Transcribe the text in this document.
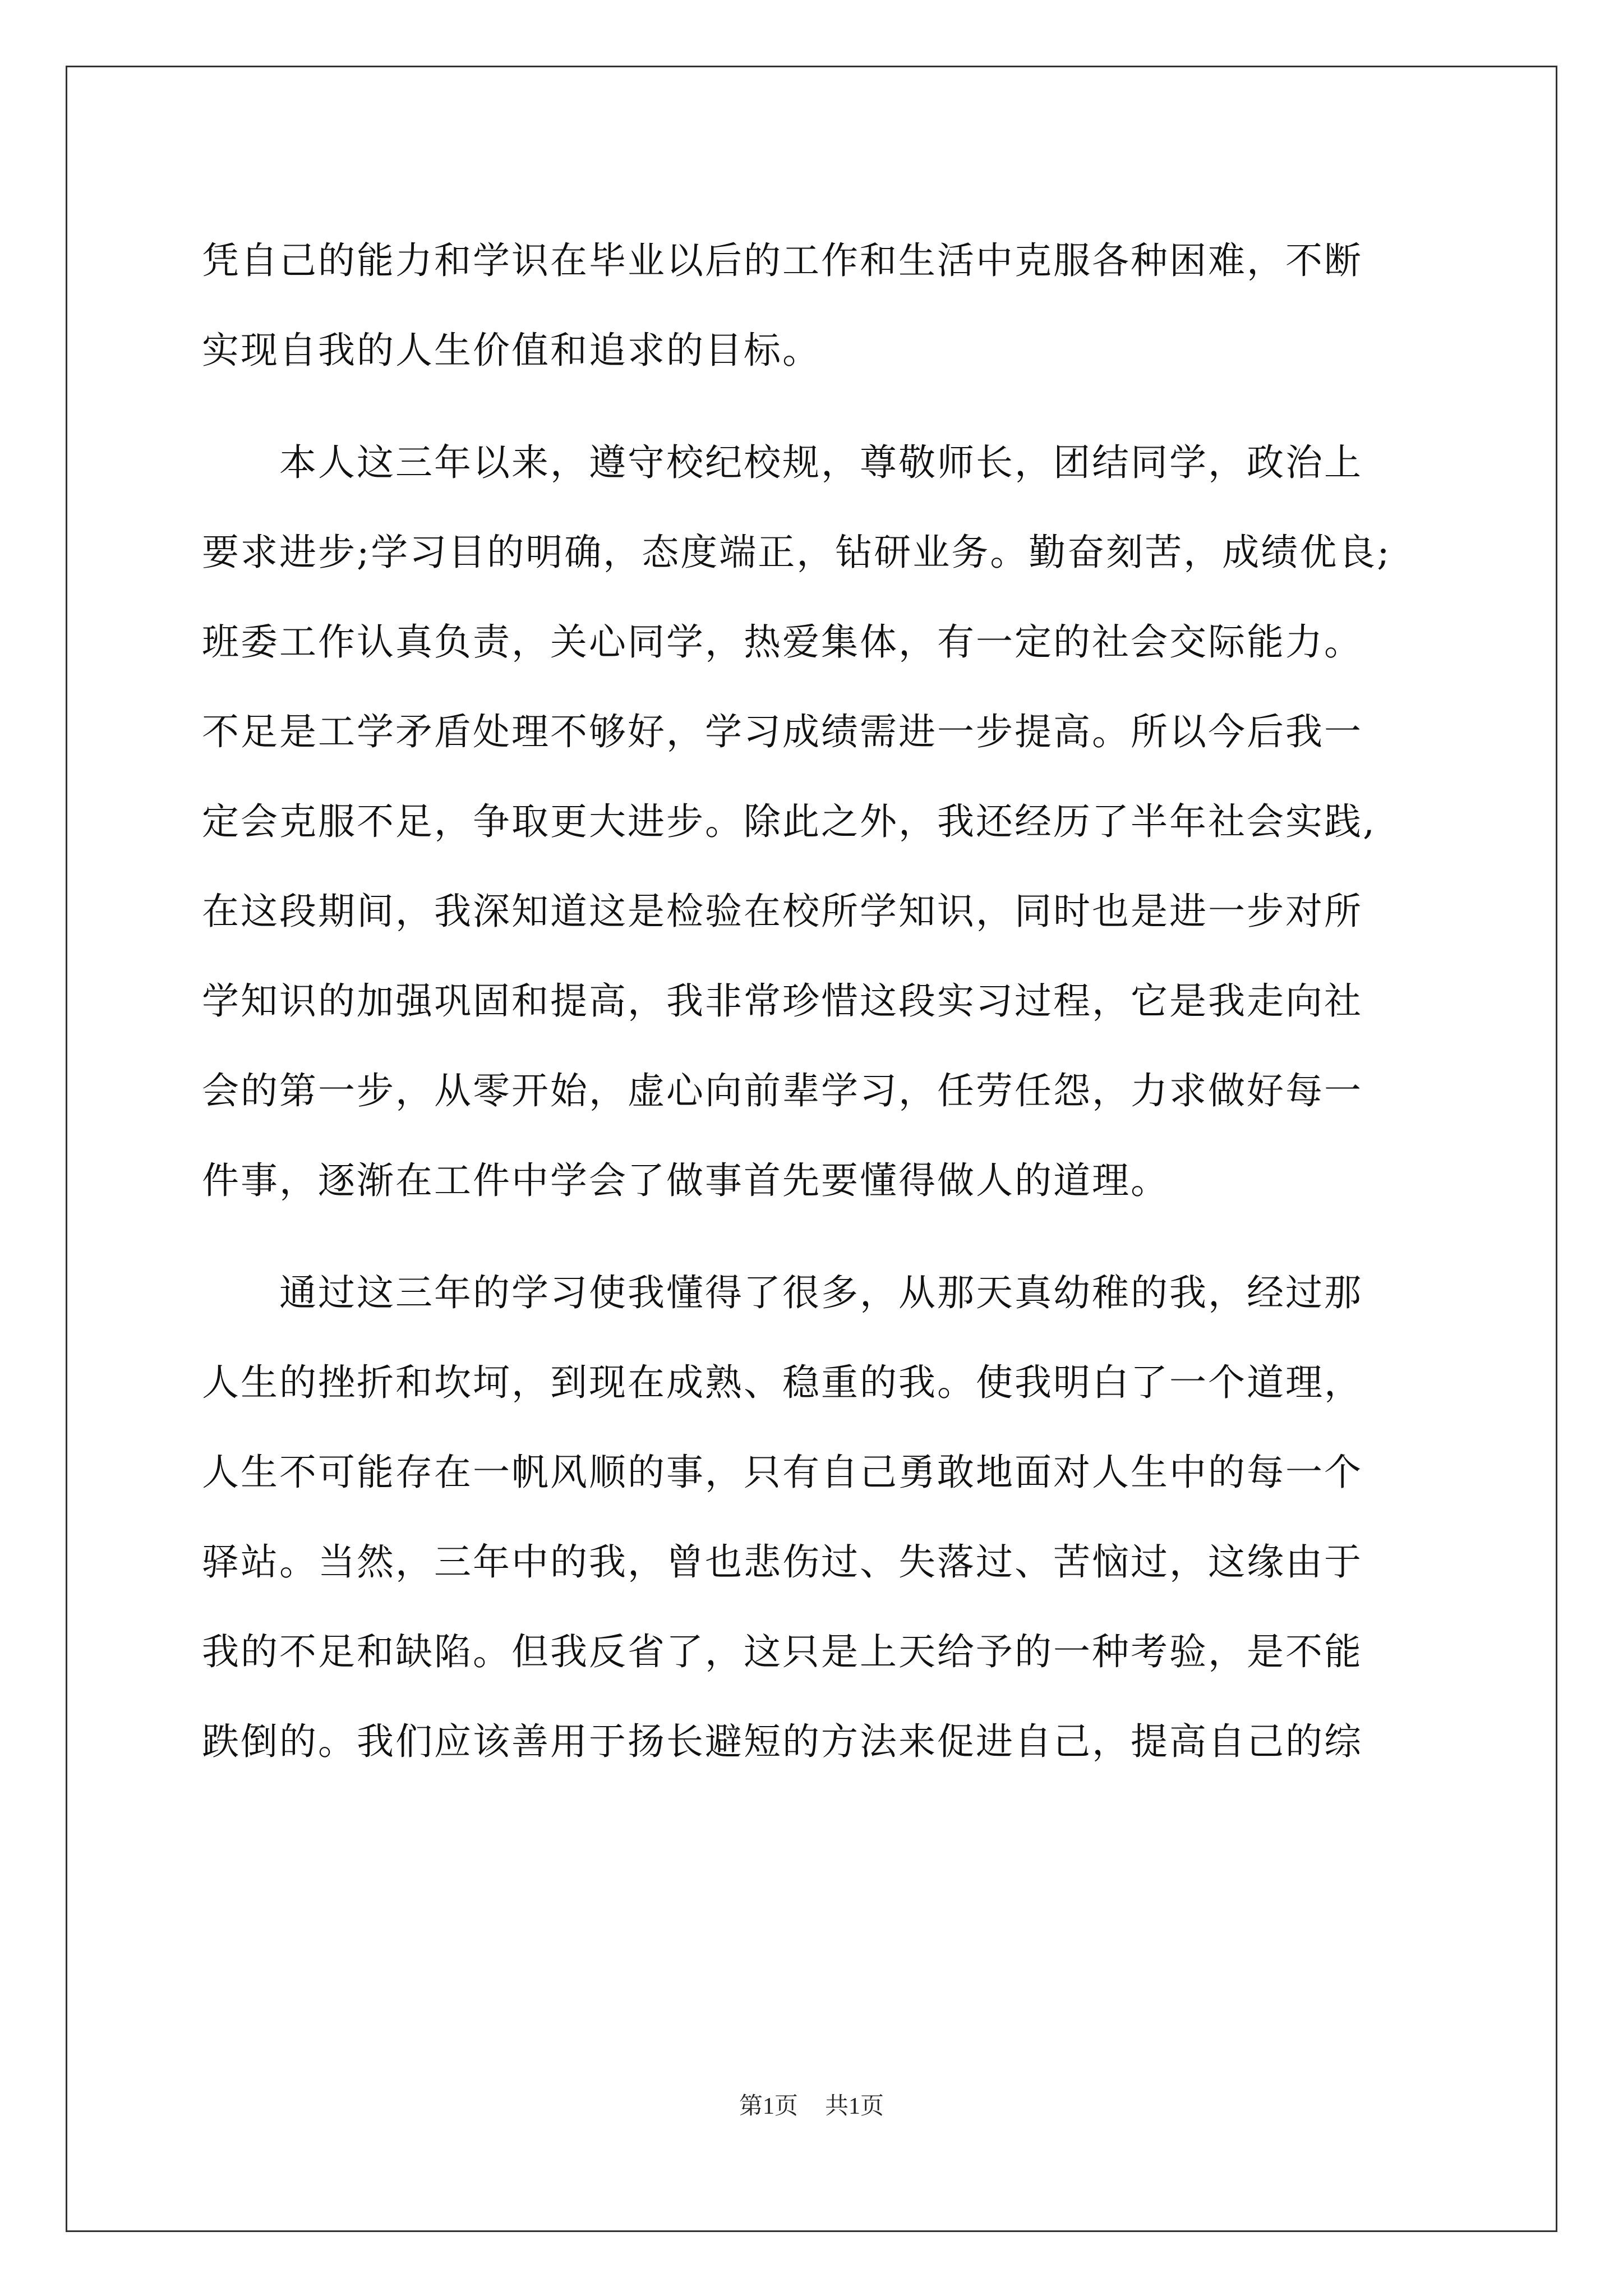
凭自己的能力和学识在毕业以后的工作和生活中克服各种困难，不断
实现自我的人生价值和追求的目标。
本人这三年以来，遵守校纪校规，尊敬师长，团结同学，政治上
要求进步;学习目的明确，态度端正，钻研业务。勤奋刻苦，成绩优良;
班委工作认真负责，关心同学，热爱集体，有一定的社会交际能力。
不足是工学矛盾处理不够好，学习成绩需进一步提高。所以今后我一
定会克服不足，争取更大进步。除此之外，我还经历了半年社会实践,
在这段期间，我深知道这是检验在校所学知识，同时也是进一步对所
学知识的加强巩固和提高，我非常珍惜这段实习过程，它是我走向社
会的第一步，从零开始，虚心向前辈学习，任劳任怨，力求做好每一
件事，逐渐在工件中学会了做事首先要懂得做人的道理。
通过这三年的学习使我懂得了很多，从那天真幼稚的我，经过那
人生的挫折和坎坷，到现在成熟、稳重的我。使我明白了一个道理，
人生不可能存在一帆风顺的事，只有自己勇敢地面对人生中的每一个
驿站。当然，三年中的我，曾也悲伤过、失落过、苦恼过，这缘由于
我的不足和缺陷。但我反省了，这只是上天给予的一种考验，是不能
跌倒的。我们应该善用于扬长避短的方法来促进自己，提高自己的综
第1页 共1页
